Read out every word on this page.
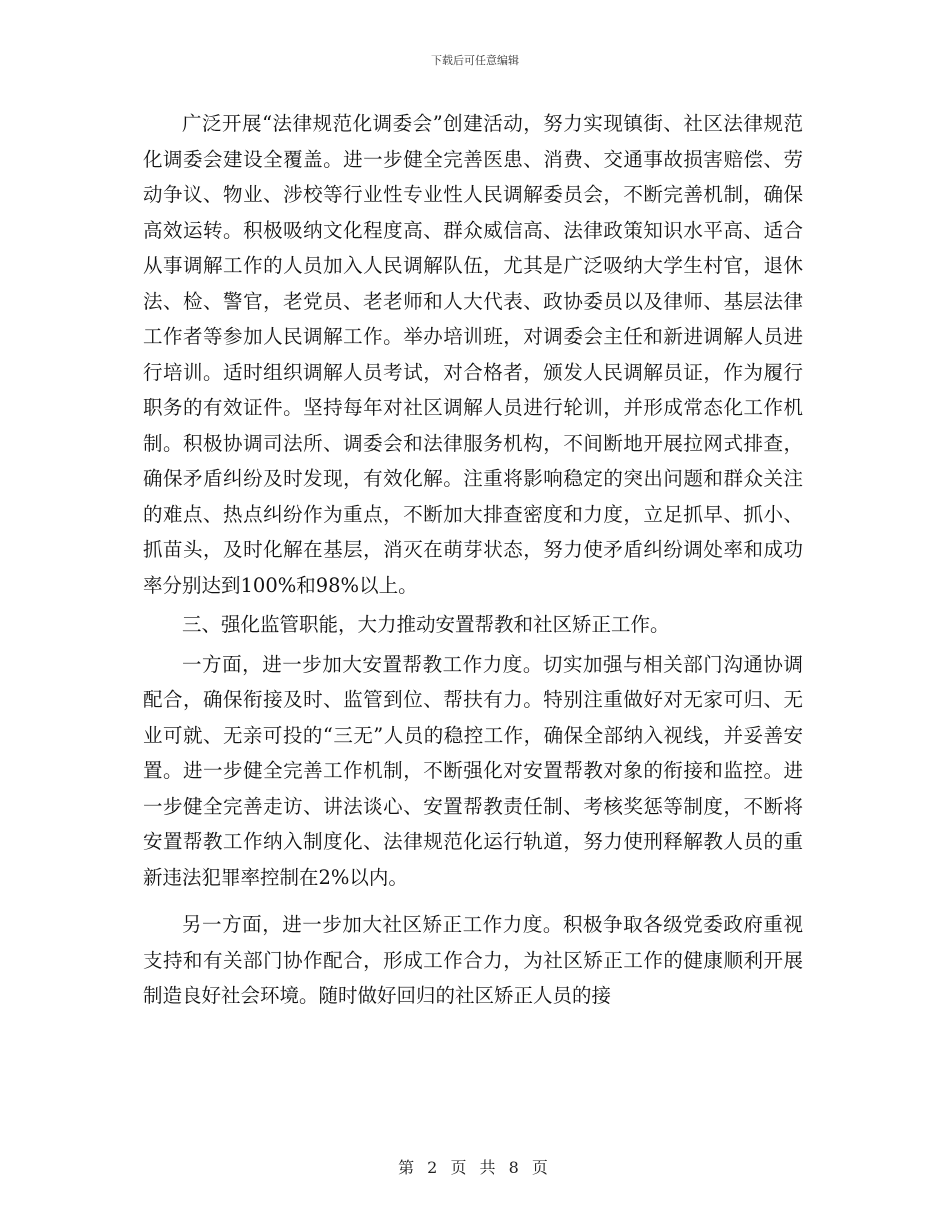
下载后可任意编辑

广泛开展“法律规范化调委会”创建活动，努力实现镇街、社区法律规范化调委会建设全覆盖。进一步健全完善医患、消费、交通事故损害赔偿、劳动争议、物业、涉校等行业性专业性人民调解委员会，不断完善机制，确保高效运转。积极吸纳文化程度高、群众威信高、法律政策知识水平高、适合从事调解工作的人员加入人民调解队伍，尤其是广泛吸纳大学生村官，退休法、检、警官，老党员、老老师和人大代表、政协委员以及律师、基层法律工作者等参加人民调解工作。举办培训班，对调委会主任和新进调解人员进行培训。适时组织调解人员考试，对合格者，颁发人民调解员证，作为履行职务的有效证件。坚持每年对社区调解人员进行轮训，并形成常态化工作机制。积极协调司法所、调委会和法律服务机构，不间断地开展拉网式排查，确保矛盾纠纷及时发现，有效化解。注重将影响稳定的突出问题和群众关注的难点、热点纠纷作为重点，不断加大排查密度和力度，立足抓早、抓小、抓苗头，及时化解在基层，消灭在萌芽状态，努力使矛盾纠纷调处率和成功率分别达到100%和98%以上。

三、强化监管职能，大力推动安置帮教和社区矫正工作。

一方面，进一步加大安置帮教工作力度。切实加强与相关部门沟通协调配合，确保衔接及时、监管到位、帮扶有力。特别注重做好对无家可归、无业可就、无亲可投的“三无”人员的稳控工作，确保全部纳入视线，并妥善安置。进一步健全完善工作机制，不断强化对安置帮教对象的衔接和监控。进一步健全完善走访、讲法谈心、安置帮教责任制、考核奖惩等制度，不断将安置帮教工作纳入制度化、法律规范化运行轨道，努力使刑释解教人员的重新违法犯罪率控制在2%以内。

另一方面，进一步加大社区矫正工作力度。积极争取各级党委政府重视支持和有关部门协作配合，形成工作合力，为社区矫正工作的健康顺利开展制造良好社会环境。随时做好回归的社区矫正人员的接

第 2 页 共 8 页
